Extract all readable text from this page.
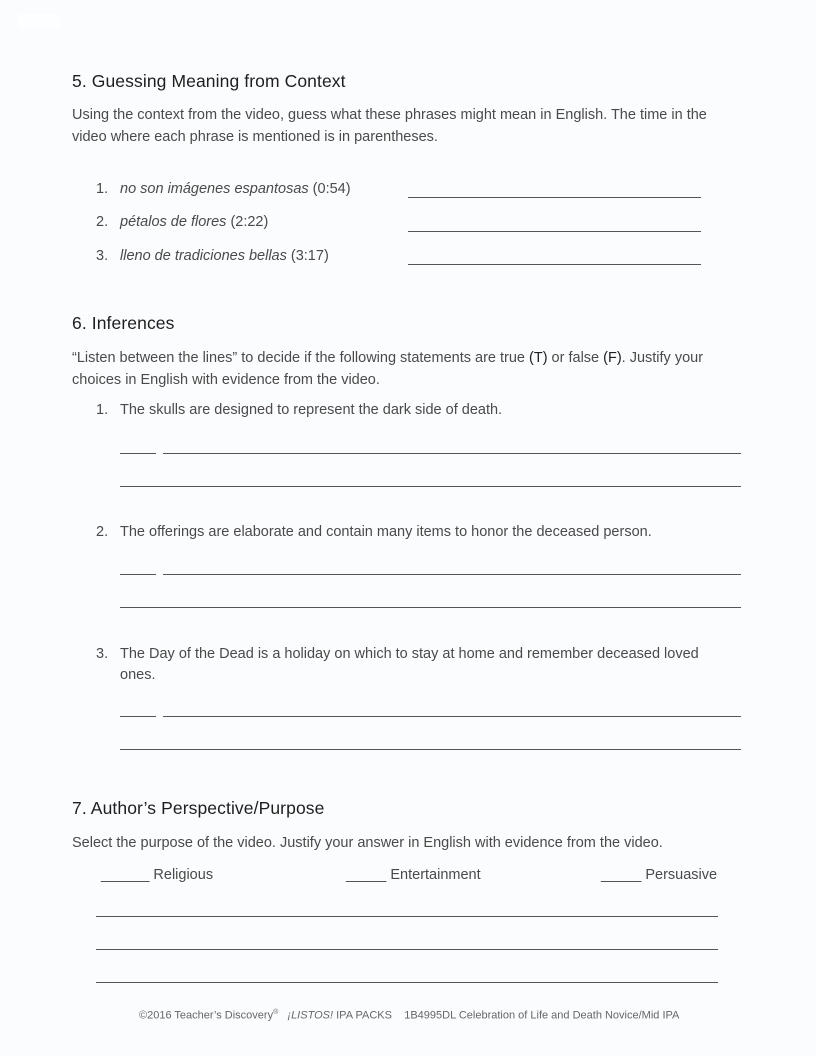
5. Guessing Meaning from Context
Using the context from the video, guess what these phrases might mean in English. The time in the
video where each phrase is mentioned is in parentheses.
1. no son imágenes espantosas (0:54)
2. pétalos de flores (2:22)
3. lleno de tradiciones bellas (3:17)
6. Inferences
“Listen between the lines” to decide if the following statements are true (T) or false (F). Justify your
choices in English with evidence from the video.
1. The skulls are designed to represent the dark side of death.
2. The offerings are elaborate and contain many items to honor the deceased person.
3. The Day of the Dead is a holiday on which to stay at home and remember deceased loved
ones.
7. Author’s Perspective/Purpose
Select the purpose of the video. Justify your answer in English with evidence from the video.
______ Religious	_____ Entertainment	_____ Persuasive
©2016 Teacher’s Discovery® ¡LISTOS! IPA PACKS 1B4995DL Celebration of Life and Death Novice/Mid IPA
